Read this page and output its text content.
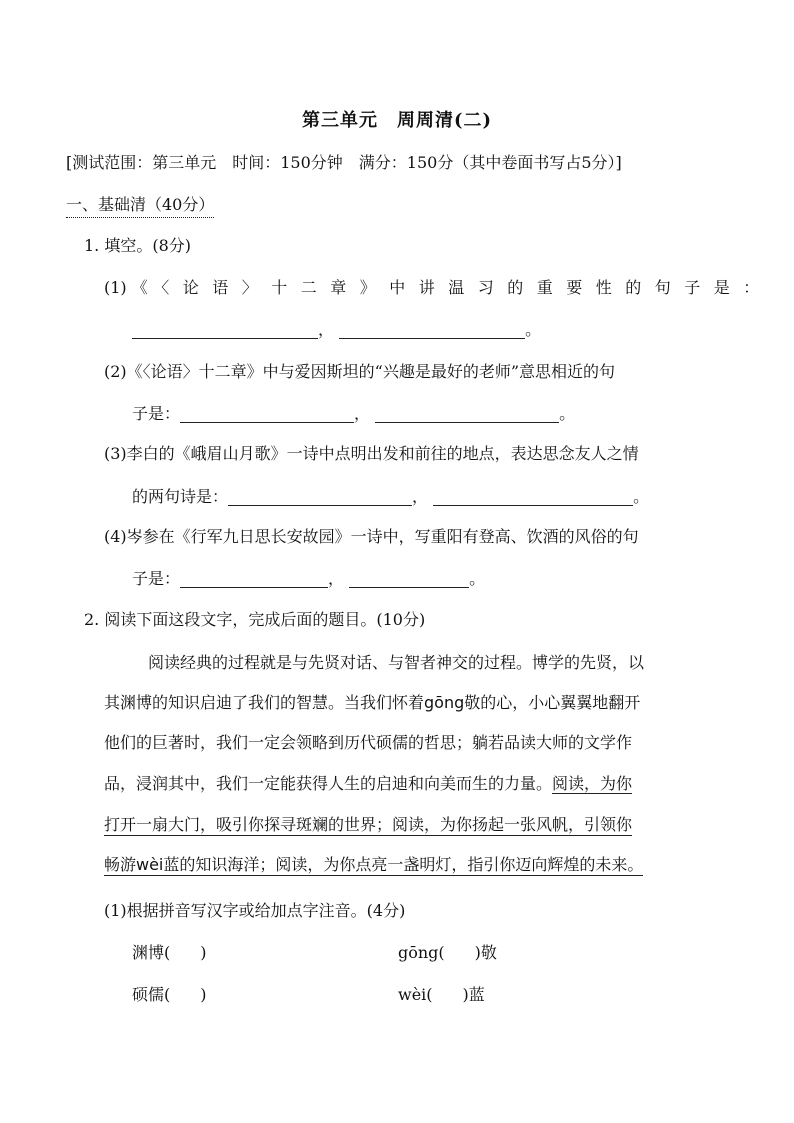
第三单元　周周清(二)
[测试范围：第三单元　时间：150分钟　满分：150分（其中卷面书写占5分）]
一、基础清（40分）
1. 填空。(8分)
(1) 《〈论语〉十二章》中讲温习的重要性的句子是：
，	。
(2)《〈论语〉十二章》中与爱因斯坦的“兴趣是最好的老师”意思相近的句
子是：	，	。
(3)李白的《峨眉山月歌》一诗中点明出发和前往的地点，表达思念友人之情
的两句诗是：	，	。
(4)岑参在《行军九日思长安故园》一诗中，写重阳有登高、饮酒的风俗的句
子是：	，	。
2. 阅读下面这段文字，完成后面的题目。(10分)
　阅读经典的过程就是与先贤对话、与智者神交的过程。博学的先贤，以
其渊博的知识启迪了我们的智慧。当我们怀着gōng敬的心，小心翼翼地翻开
他们的巨著时，我们一定会领略到历代硕儒的哲思；躺若品读大师的文学作
品，浸润其中，我们一定能获得人生的启迪和向美而生的力量。阅读，为你
打开一扇大门，吸引你探寻斑斓的世界；阅读，为你扬起一张风帆，引领你
畅游wèi蓝的知识海洋；阅读，为你点亮一盏明灯，指引你迈向辉煌的未来。
(1)根据拼音写汉字或给加点字注音。(4分)
渊博( )	gōng( )敬
硕儒( )	wèi( )蓝
